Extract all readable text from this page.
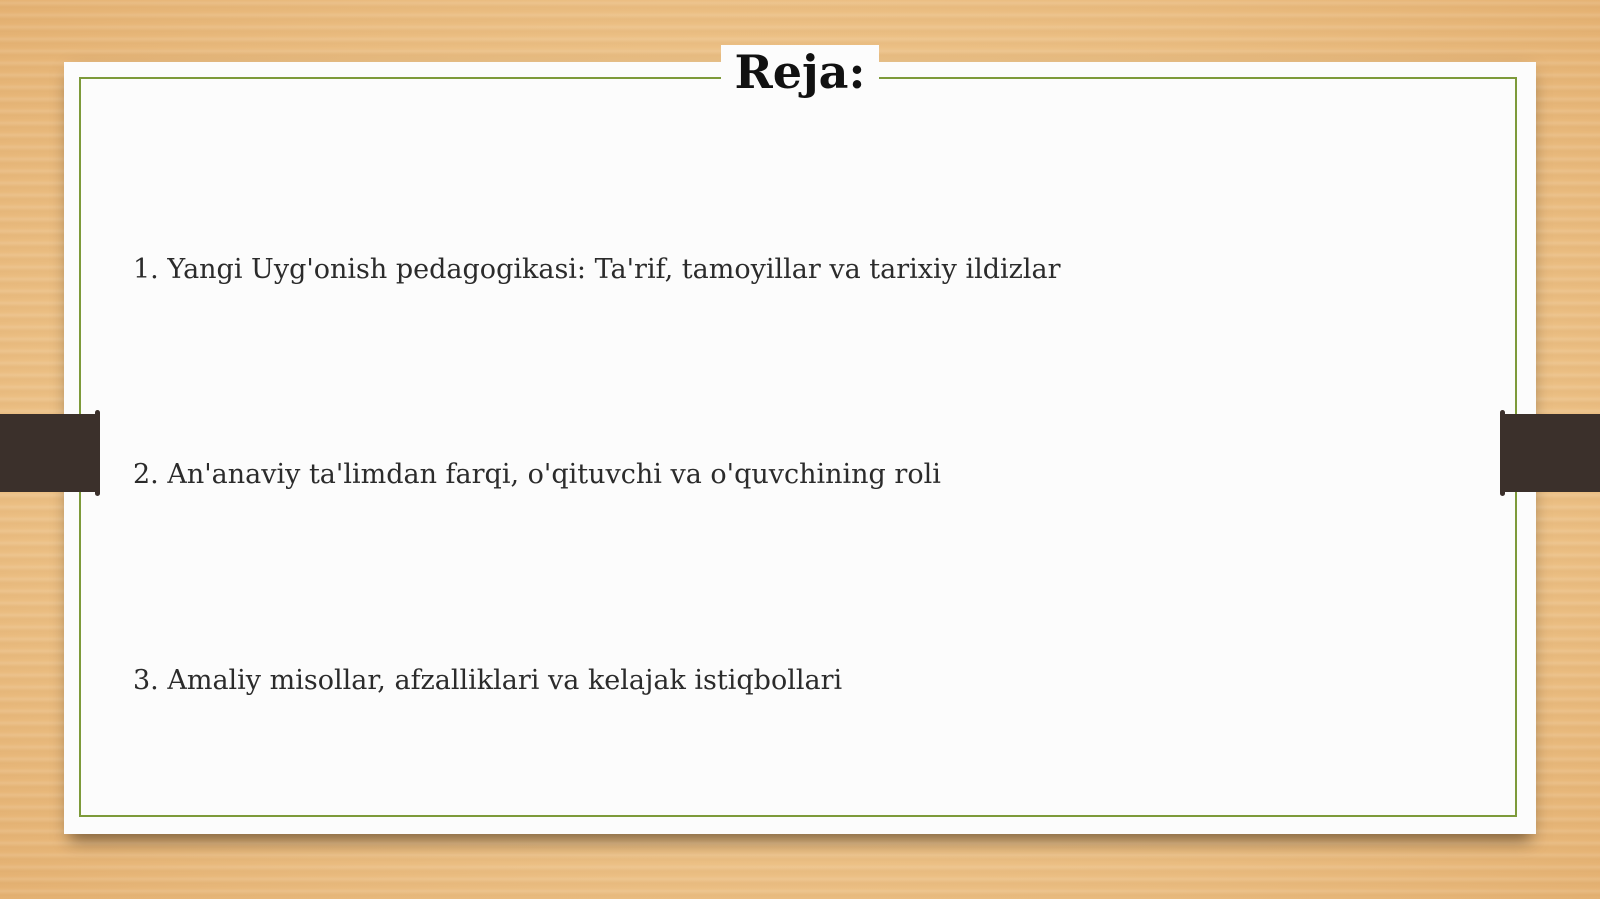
Reja:
1. Yangi Uyg'onish pedagogikasi: Ta'rif, tamoyillar va tarixiy ildizlar
2. An'anaviy ta'limdan farqi, o'qituvchi va o'quvchining roli
3. Amaliy misollar, afzalliklari va kelajak istiqbollari
